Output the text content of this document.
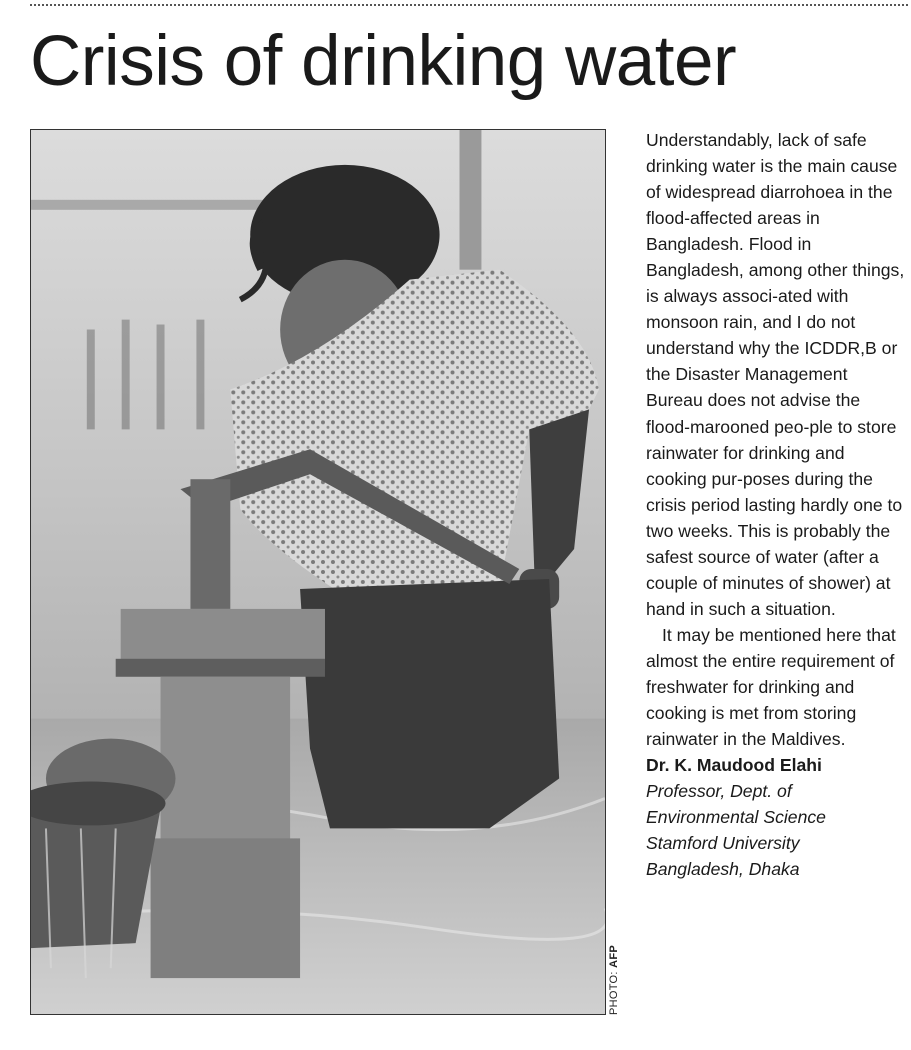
Crisis of drinking water
PHOTO: AFP

Understandably, lack of safe drinking water is the main cause of widespread diarrohoea in the flood-affected areas in Bangladesh. Flood in Bangladesh, among other things, is always associ-ated with monsoon rain, and I do not understand why the ICDDR,B or the Disaster Management Bureau does not advise the flood-marooned peo-ple to store rainwater for drinking and cooking pur-poses during the crisis period lasting hardly one to two weeks. This is probably the safest source of water (after a couple of minutes of shower) at hand in such a situation.

It may be mentioned here that almost the entire requirement of freshwater for drinking and cooking is met from storing rainwater in the Maldives.

Dr. K. Maudood Elahi

Professor, Dept. of

Environmental Science

Stamford University

Bangladesh, Dhaka
